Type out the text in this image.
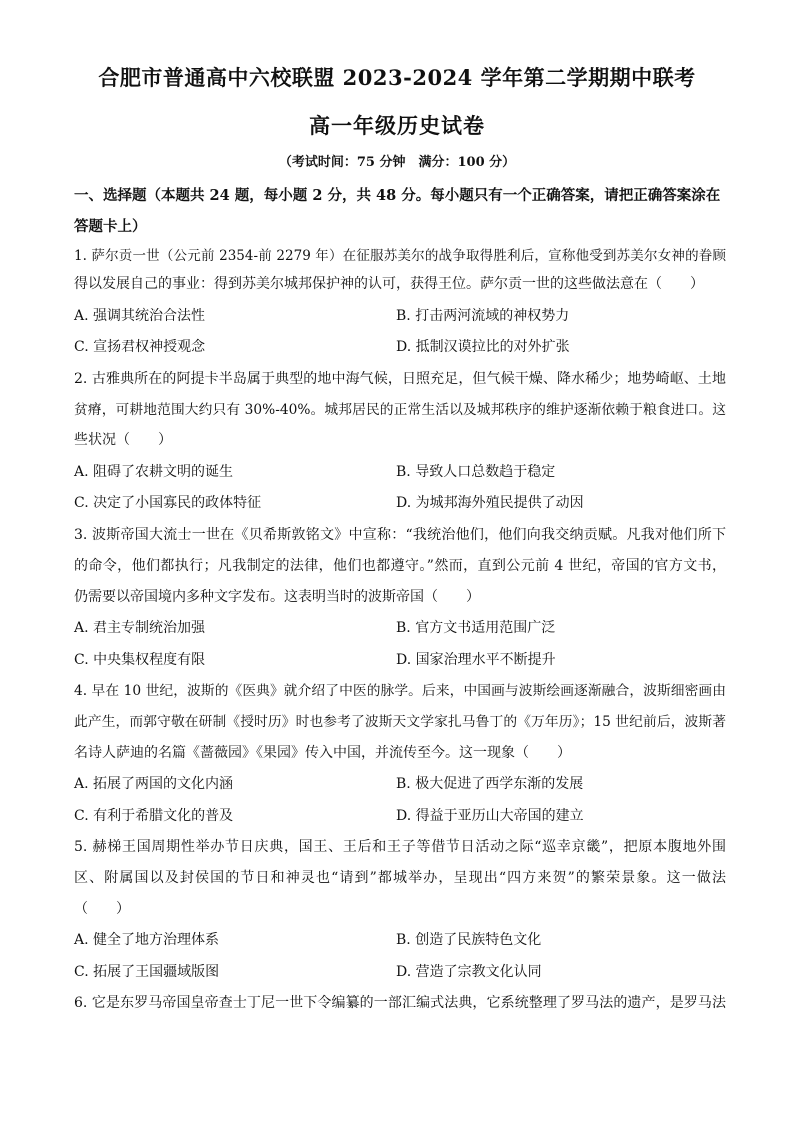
合肥市普通高中六校联盟 2023-2024 学年第二学期期中联考
高一年级历史试卷
（考试时间：75 分钟　满分：100 分）
一、选择题（本题共 24 题，每小题 2 分，共 48 分。每小题只有一个正确答案，请把正确答案涂在答题卡上）
1. 萨尔贡一世（公元前 2354-前 2279 年）在征服苏美尔的战争取得胜利后，宣称他受到苏美尔女神的眷顾
得以发展自己的事业：得到苏美尔城邦保护神的认可，获得王位。萨尔贡一世的这些做法意在（　　）
A. 强调其统治合法性	B. 打击两河流域的神权势力
C. 宣扬君权神授观念	D. 抵制汉谟拉比的对外扩张
2. 古雅典所在的阿提卡半岛属于典型的地中海气候，日照充足，但气候干燥、降水稀少；地势崎岖、土地
贫瘠，可耕地范围大约只有 30%-40%。城邦居民的正常生活以及城邦秩序的维护逐渐依赖于粮食进口。这
些状况（　　）
A. 阻碍了农耕文明的诞生	B. 导致人口总数趋于稳定
C. 决定了小国寡民的政体特征	D. 为城邦海外殖民提供了动因
3. 波斯帝国大流士一世在《贝希斯敦铭文》中宣称：“我统治他们，他们向我交纳贡赋。凡我对他们所下
的命令，他们都执行；凡我制定的法律，他们也都遵守。”然而，直到公元前 4 世纪，帝国的官方文书，
仍需要以帝国境内多种文字发布。这表明当时的波斯帝国（　　）
A. 君主专制统治加强	B. 官方文书适用范围广泛
C. 中央集权程度有限	D. 国家治理水平不断提升
4. 早在 10 世纪，波斯的《医典》就介绍了中医的脉学。后来，中国画与波斯绘画逐渐融合，波斯细密画由
此产生，而郭守敬在研制《授时历》时也参考了波斯天文学家扎马鲁丁的《万年历》；15 世纪前后，波斯著
名诗人萨迪的名篇《蔷薇园》《果园》传入中国，并流传至今。这一现象（　　）
A. 拓展了两国的文化内涵	B. 极大促进了西学东渐的发展
C. 有利于希腊文化的普及	D. 得益于亚历山大帝国的建立
5. 赫梯王国周期性举办节日庆典，国王、王后和王子等借节日活动之际“巡幸京畿”，把原本腹地外围
区、附属国以及封侯国的节日和神灵也“请到”都城举办，呈现出“四方来贺”的繁荣景象。这一做法
（　　）
A. 健全了地方治理体系	B. 创造了民族特色文化
C. 拓展了王国疆域版图	D. 营造了宗教文化认同
6. 它是东罗马帝国皇帝查士丁尼一世下令编纂的一部汇编式法典，它系统整理了罗马法的遗产，是罗马法
